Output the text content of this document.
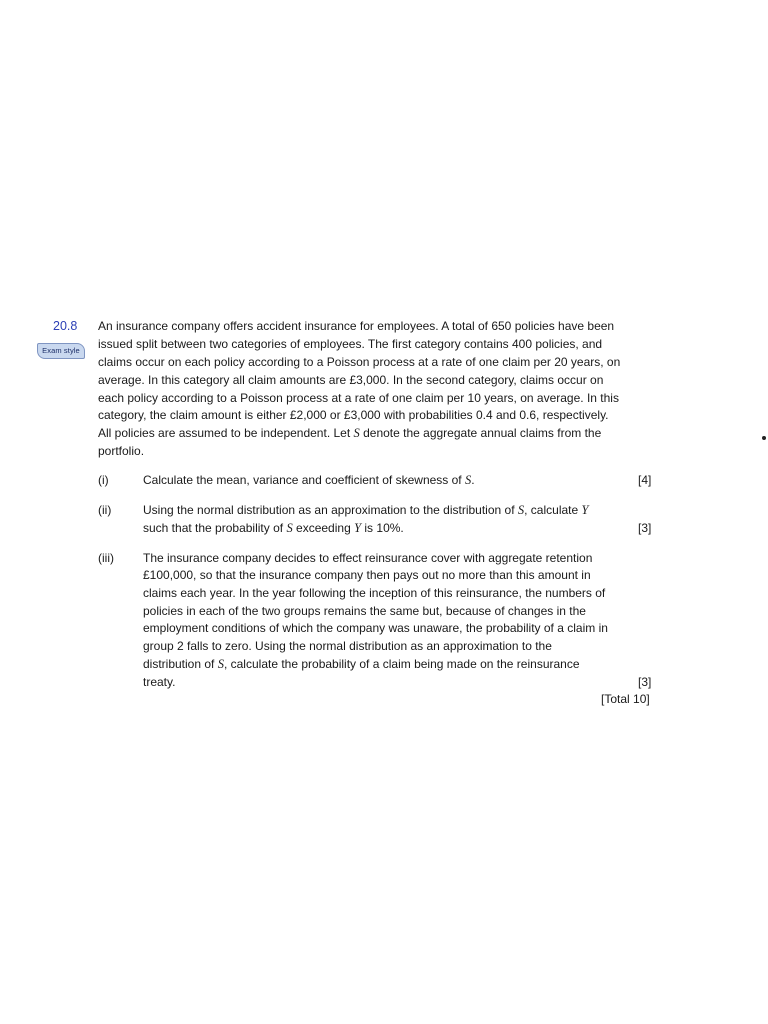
20.8
Exam style
An insurance company offers accident insurance for employees. A total of 650 policies have been
issued split between two categories of employees. The first category contains 400 policies, and
claims occur on each policy according to a Poisson process at a rate of one claim per 20 years, on
average. In this category all claim amounts are £3,000. In the second category, claims occur on
each policy according to a Poisson process at a rate of one claim per 10 years, on average. In this
category, the claim amount is either £2,000 or £3,000 with probabilities 0.4 and 0.6, respectively.
All policies are assumed to be independent. Let S denote the aggregate annual claims from the
portfolio.
(i)	Calculate the mean, variance and coefficient of skewness of S.	[4]
(ii)	Using the normal distribution as an approximation to the distribution of S, calculate Y
such that the probability of S exceeding Y is 10%.	[3]
(iii) The insurance company decides to effect reinsurance cover with aggregate retention
£100,000, so that the insurance company then pays out no more than this amount in
claims each year. In the year following the inception of this reinsurance, the numbers of
policies in each of the two groups remains the same but, because of changes in the
employment conditions of which the company was unaware, the probability of a claim in
group 2 falls to zero. Using the normal distribution as an approximation to the
distribution of S, calculate the probability of a claim being made on the reinsurance
treaty.	[3]
[Total 10]
